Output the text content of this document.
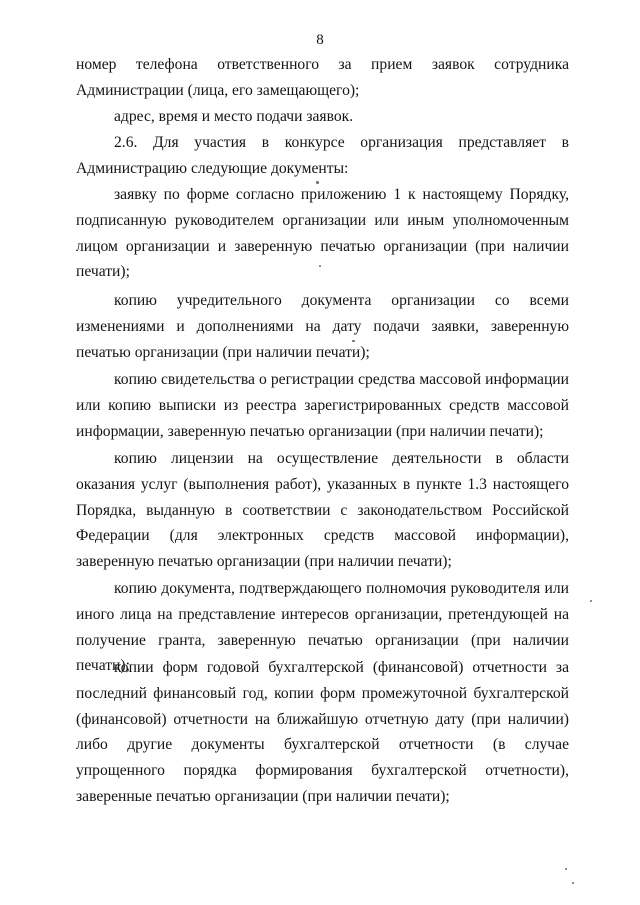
8

номер телефона ответственного за прием заявок сотрудника Администрации (лица, его замещающего);

адрес, время и место подачи заявок.

2.6. Для участия в конкурсе организация представляет в Администрацию следующие документы:

заявку по форме согласно приложению 1 к настоящему Порядку, подписанную руководителем организации или иным уполномоченным лицом организации и заверенную печатью организации (при наличии печати);

копию учредительного документа организации со всеми изменениями и дополнениями на дату подачи заявки, заверенную печатью организации (при наличии печати);

копию свидетельства о регистрации средства массовой информации или копию выписки из реестра зарегистрированных средств массовой информации, заверенную печатью организации (при наличии печати);

копию лицензии на осуществление деятельности в области оказания услуг (выполнения работ), указанных в пункте 1.3 настоящего Порядка, выданную в соответствии с законодательством Российской Федерации (для электронных средств массовой информации), заверенную печатью организации (при наличии печати);

копию документа, подтверждающего полномочия руководителя или иного лица на представление интересов организации, претендующей на получение гранта, заверенную печатью организации (при наличии печати);

копии форм годовой бухгалтерской (финансовой) отчетности за последний финансовый год, копии форм промежуточной бухгалтерской (финансовой) отчетности на ближайшую отчетную дату (при наличии) либо другие документы бухгалтерской отчетности (в случае упрощенного порядка формирования бухгалтерской отчетности), заверенные печатью организации (при наличии печати);
